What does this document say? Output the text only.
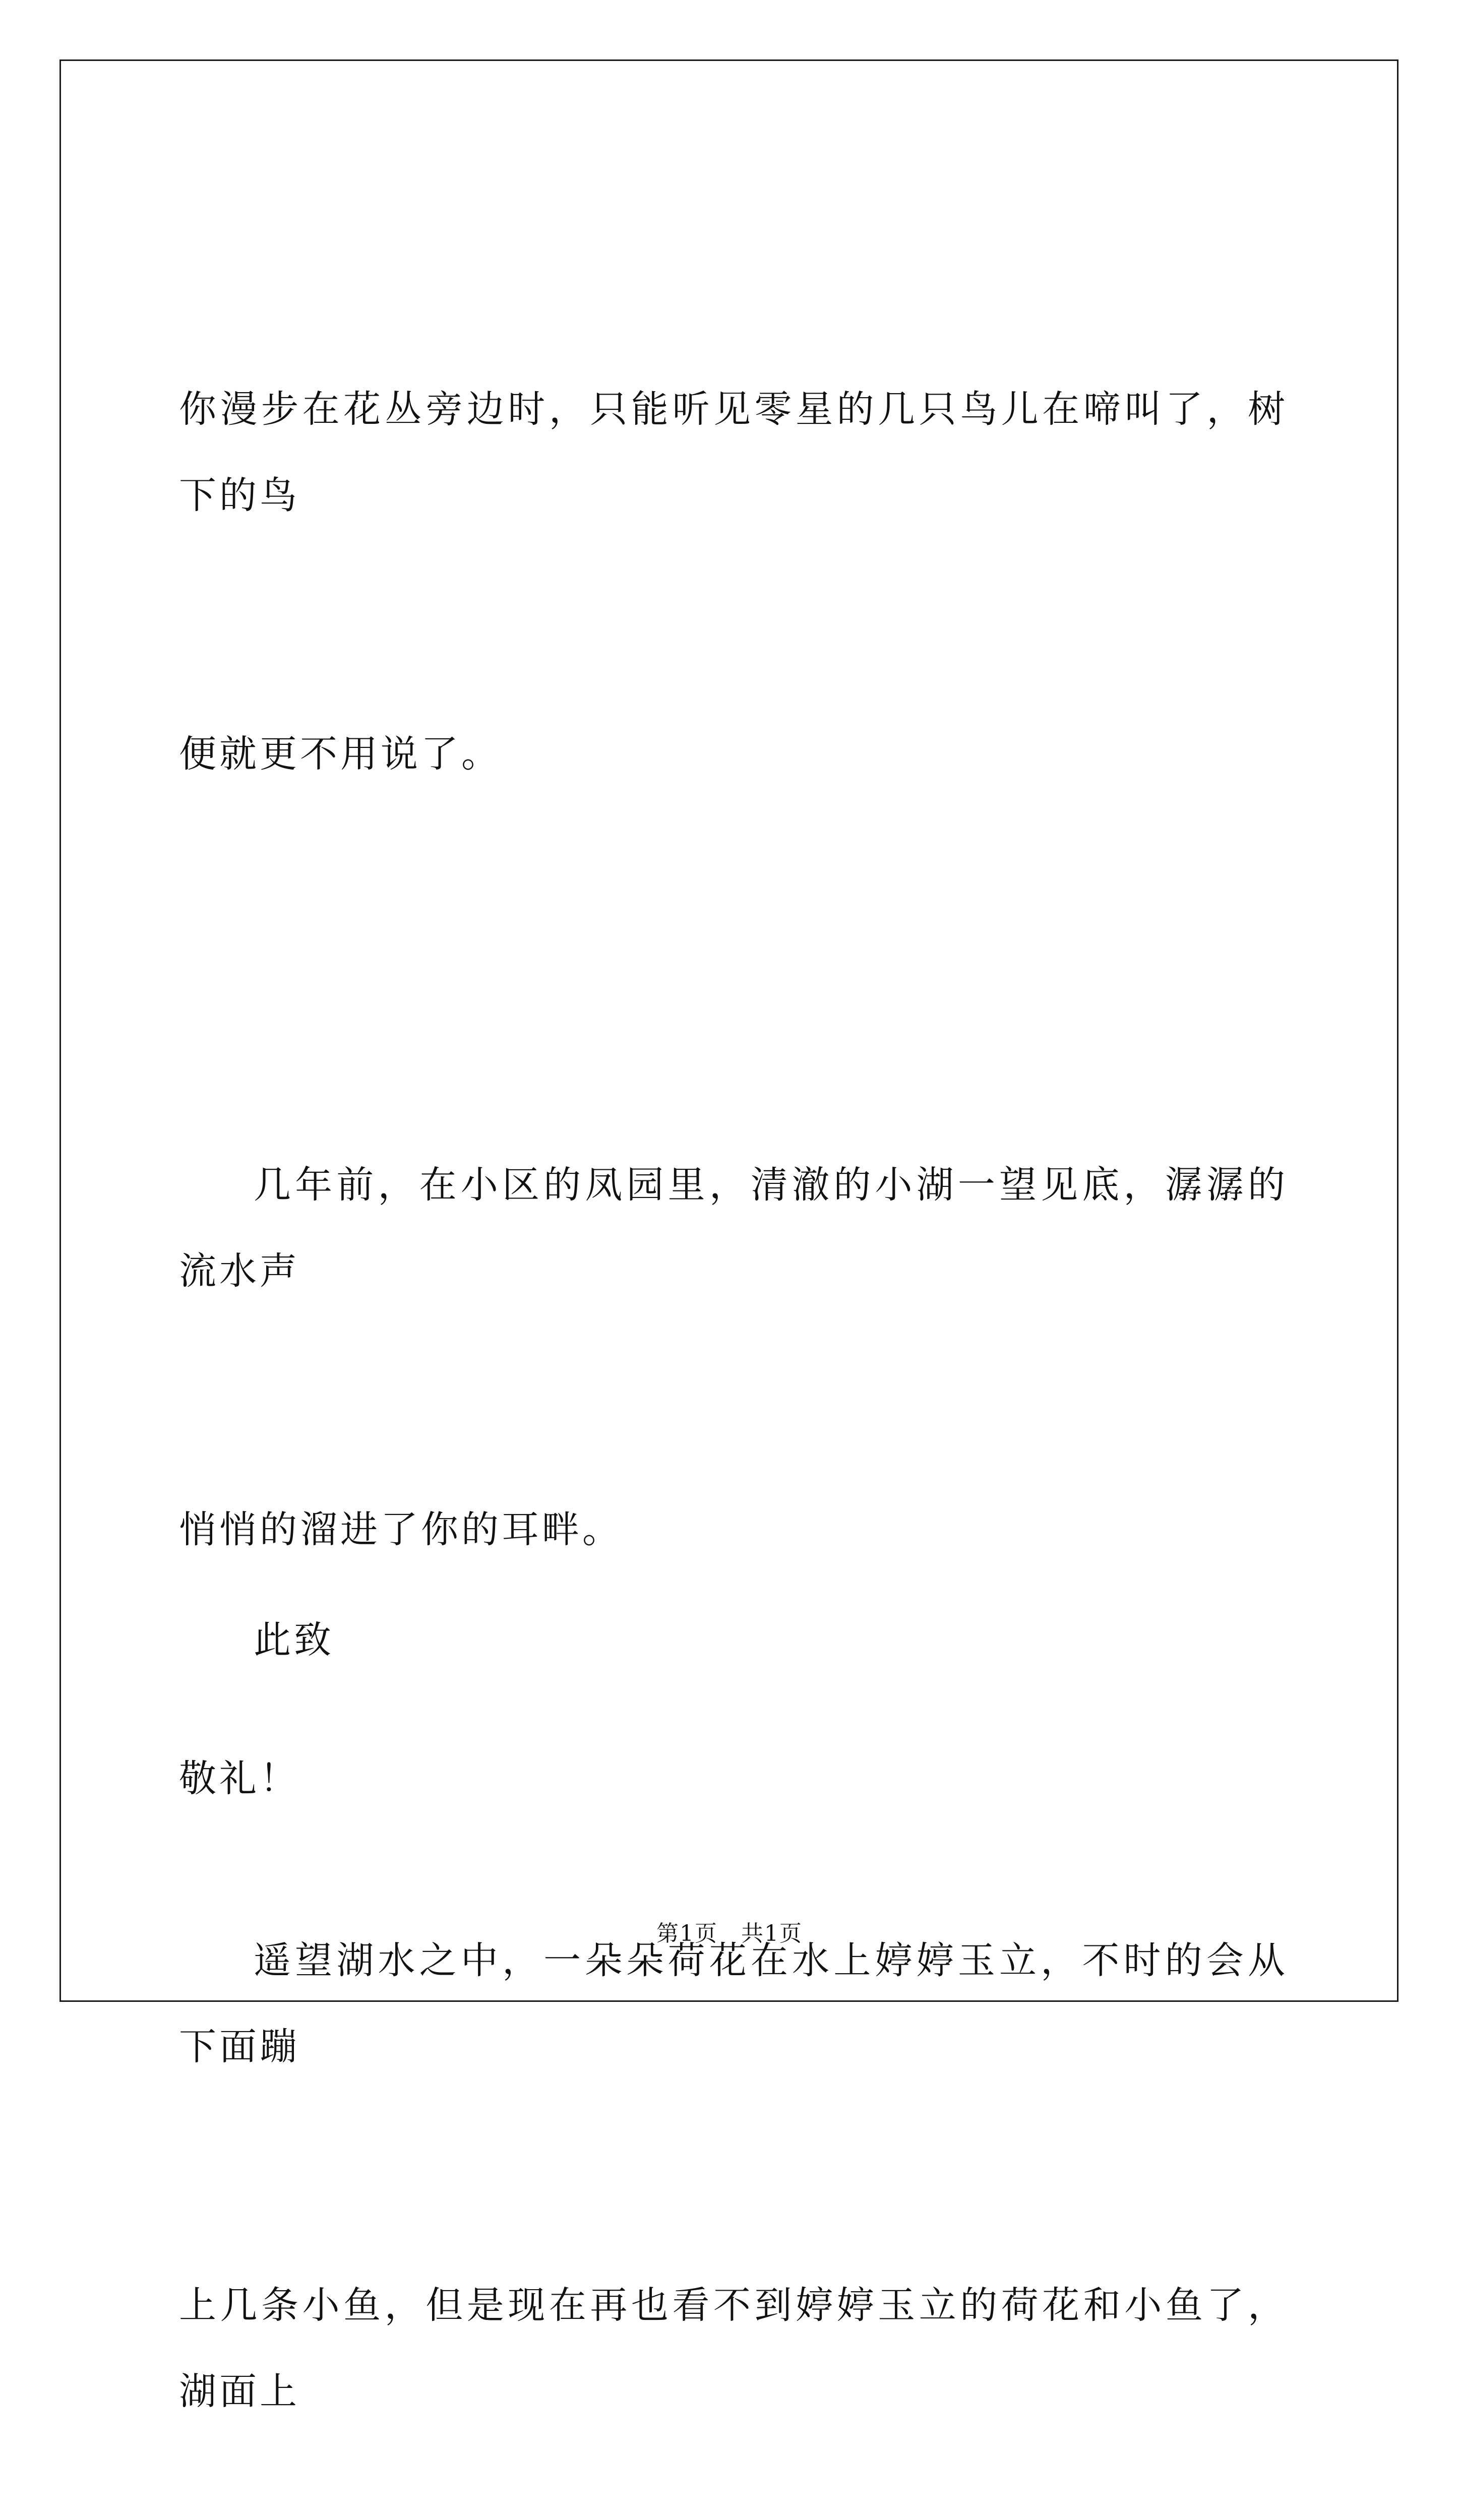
你漫步在花丛旁边时，只能听见零星的几只鸟儿在啼叫了，树下的鸟

便就更不用说了。

几年前，在小区的凤园里，清澈的小湖一望见底，潺潺的流水声

悄悄的溜进了你的耳畔。

遥望湖水之中，一朵朵荷花在水上婷婷玉立，不时的会从下面蹦

上几条小鱼，但是现在再也看不到婷婷玉立的荷花和小鱼了，湖面上

此致

敬礼！

第1页　共1页
